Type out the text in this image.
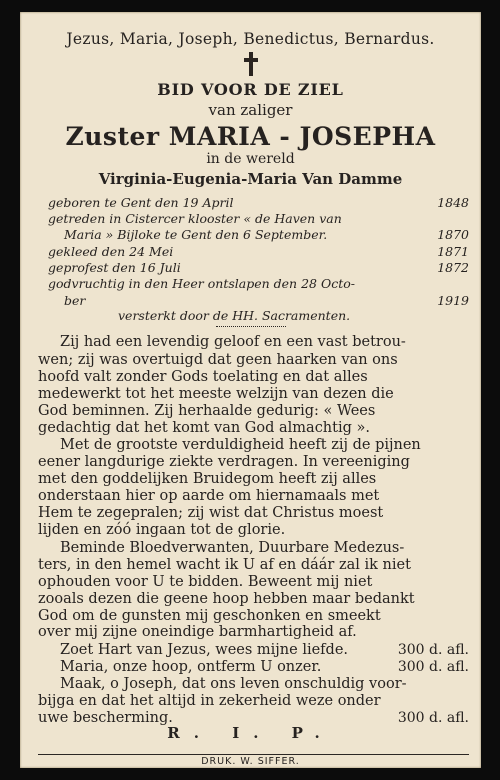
Jezus, Maria, Joseph, Benedictus, Bernardus.
BID VOOR DE ZIEL
van zaliger
Zuster MARIA - JOSEPHA
in de wereld
Virginia-Eugenia-Maria Van Damme
geboren te Gent den 19 April	1848
getreden in Cistercer klooster « de Haven van
Maria » Bijloke te Gent den 6 September.	1870
gekleed den 24 Mei	1871
geprofest den 16 Juli	1872
godvruchtig in den Heer ontslapen den 28 Octo-
ber	1919
versterkt door de HH. Sacramenten.
Zij had een levendig geloof en een vast betrou-
wen; zij was overtuigd dat geen haarken van ons
hoofd valt zonder Gods toelating en dat alles
medewerkt tot het meeste welzijn van dezen die
God beminnen. Zij herhaalde gedurig: « Wees
gedachtig dat het komt van God almachtig ».
Met de grootste verduldigheid heeft zij de pijnen
eener langdurige ziekte verdragen. In vereeniging
met den goddelijken Bruidegom heeft zij alles
onderstaan hier op aarde om hiernamaals met
Hem te zegepralen; zij wist dat Christus moest
lijden en zóó ingaan tot de glorie.
Beminde Bloedverwanten, Duurbare Medezus-
ters, in den hemel wacht ik U af en dáár zal ik niet
ophouden voor U te bidden. Beweent mij niet
zooals dezen die geene hoop hebben maar bedankt
God om de gunsten mij geschonken en smeekt
over mij zijne oneindige barmhartigheid af.
Zoet Hart van Jezus, wees mijne liefde.	300 d. afl.
Maria, onze hoop, ontferm U onzer.	300 d. afl.
Maak, o Joseph, dat ons leven onschuldig voor-
bijga en dat het altijd in zekerheid weze onder
uwe bescherming.	300 d. afl.
R. I. P.
DRUK. W. SIFFER.
